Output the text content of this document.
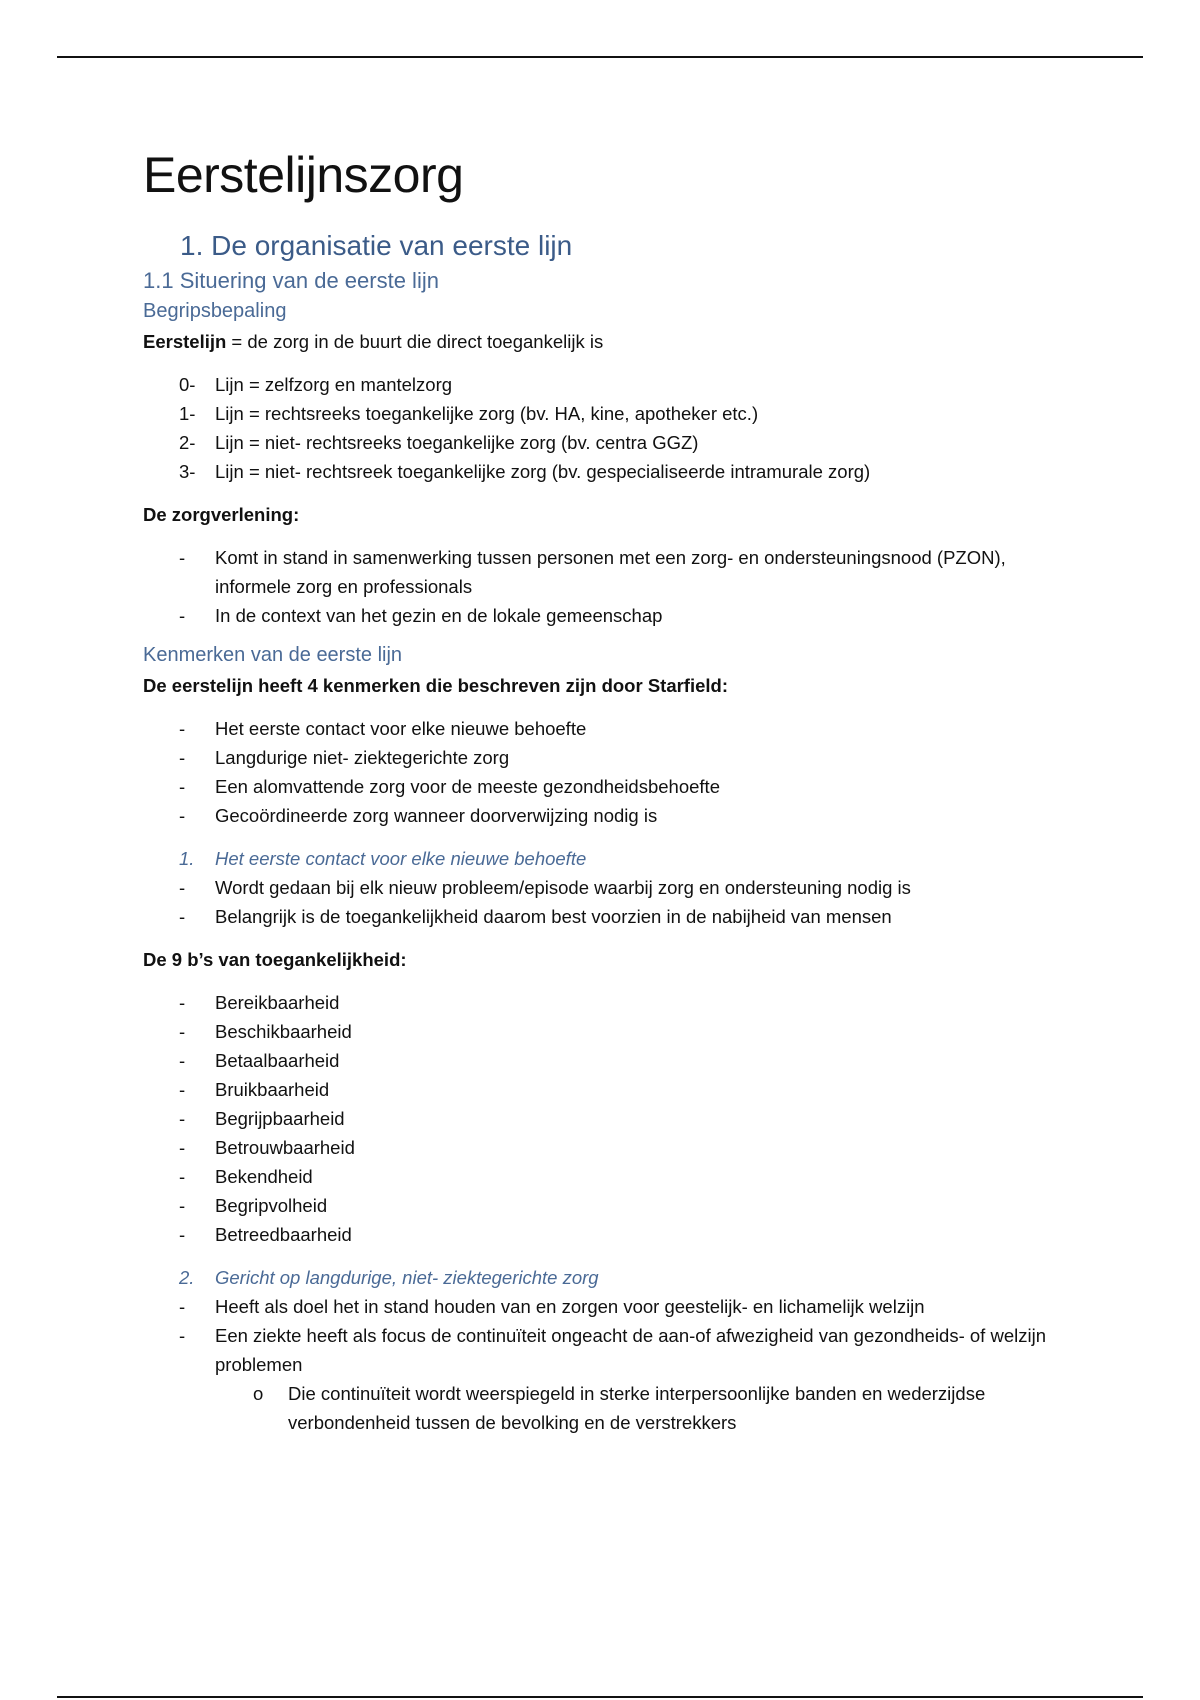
Eerstelijnszorg
1. De organisatie van eerste lijn
1.1 Situering van de eerste lijn
Begripsbepaling

Eerstelijn = de zorg in de buurt die direct toegankelijk is

0- Lijn = zelfzorg en mantelzorg
1- Lijn = rechtsreeks toegankelijke zorg (bv. HA, kine, apotheker etc.)
2- Lijn = niet- rechtsreeks toegankelijke zorg (bv. centra GGZ)
3- Lijn = niet- rechtsreek toegankelijke zorg (bv. gespecialiseerde intramurale zorg)

De zorgverlening:

- Komt in stand in samenwerking tussen personen met een zorg- en ondersteuningsnood (PZON), informele zorg en professionals
- In de context van het gezin en de lokale gemeenschap
Kenmerken van de eerste lijn

De eerstelijn heeft 4 kenmerken die beschreven zijn door Starfield:

- Het eerste contact voor elke nieuwe behoefte
- Langdurige niet- ziektegerichte zorg
- Een alomvattende zorg voor de meeste gezondheidsbehoefte
- Gecoördineerde zorg wanneer doorverwijzing nodig is
1. Het eerste contact voor elke nieuwe behoefte
- Wordt gedaan bij elk nieuw probleem/episode waarbij zorg en ondersteuning nodig is
- Belangrijk is de toegankelijkheid daarom best voorzien in de nabijheid van mensen

De 9 b’s van toegankelijkheid:

- Bereikbaarheid
- Beschikbaarheid
- Betaalbaarheid
- Bruikbaarheid
- Begrijpbaarheid
- Betrouwbaarheid
- Bekendheid
- Begripvolheid
- Betreedbaarheid
2. Gericht op langdurige, niet- ziektegerichte zorg
- Heeft als doel het in stand houden van en zorgen voor geestelijk- en lichamelijk welzijn
- Een ziekte heeft als focus de continuïteit ongeacht de aan-of afwezigheid van gezondheids- of welzijn problemen
o Die continuïteit wordt weerspiegeld in sterke interpersoonlijke banden en wederzijdse verbondenheid tussen de bevolking en de verstrekkers
